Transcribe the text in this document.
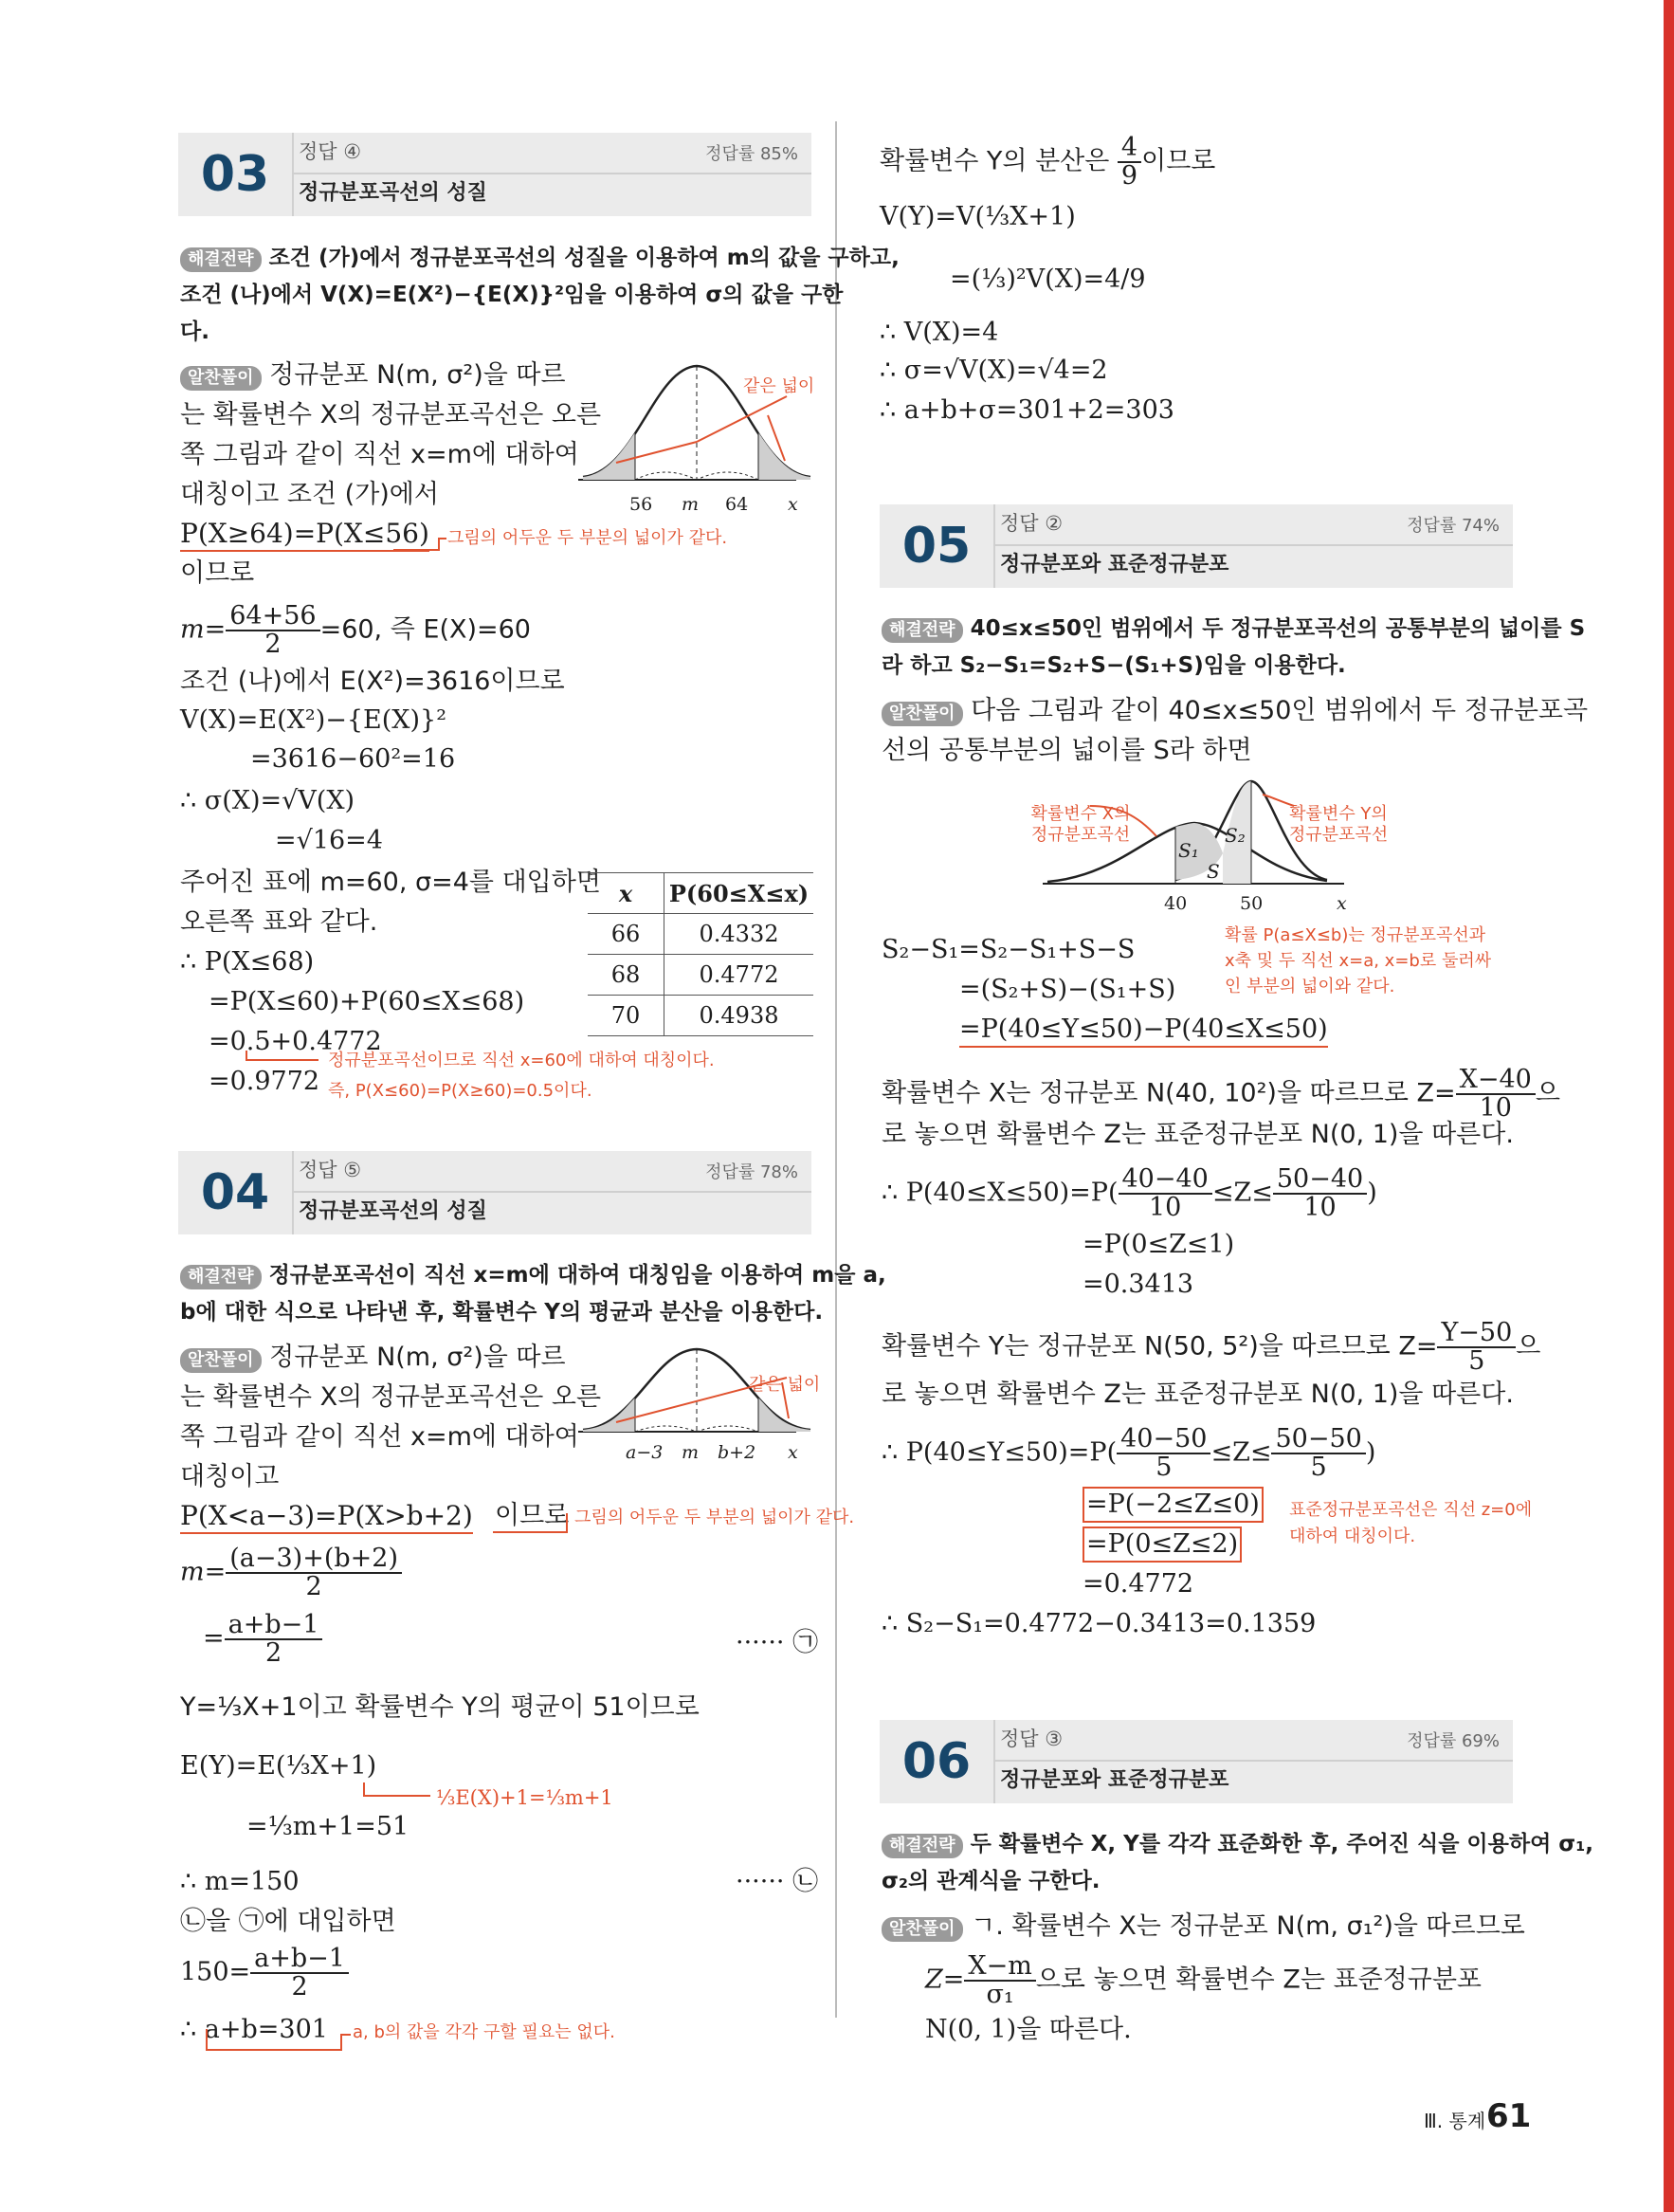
03	정답 ④	정답률 85%
정규분포곡선의 성질
해결전략 조건 (가)에서 정규분포곡선의 성질을 이용하여 m의 값을 구하고,
조건 (나)에서 V(X)=E(X²)−{E(X)}²임을 이용하여 σ의 값을 구한
다.
알찬풀이 정규분포 N(m, σ²)을 따르
는 확률변수 X의 정규분포곡선은 오른
쪽 그림과 같이 직선 x=m에 대하여
대칭이고 조건 (가)에서
같은 넓이
56 m 64 x
P(X≥64)=P(X≤56) 그림의 어두운 두 부분의 넓이가 같다.
이므로
$m= \frac{64+56}{2} =60$, 즉 E(X)=60
조건 (나)에서 E(X²)=3616이므로
V(X)=E(X²)−{E(X)}²
=3616−60²=16
∴ σ(X)=√V(X)
=√16=4
주어진 표에 m=60, σ=4를 대입하면
오른쪽 표와 같다.
x	P(60≤X≤x)
66	0.4332
68	0.4772
70	0.4938
∴ P(X≤68)
=P(X≤60)+P(60≤X≤68)
=0.5+0.4772
=0.9772
정규분포곡선이므로 직선 x=60에 대하여 대칭이다.
즉, P(X≤60)=P(X≥60)=0.5이다.
04	정답 ⑤	정답률 78%
정규분포곡선의 성질
해결전략 정규분포곡선이 직선 x=m에 대하여 대칭임을 이용하여 m을 a,
b에 대한 식으로 나타낸 후, 확률변수 Y의 평균과 분산을 이용한다.
알찬풀이 정규분포 N(m, σ²)을 따르
는 확률변수 X의 정규분포곡선은 오른
쪽 그림과 같이 직선 x=m에 대하여
대칭이고
같은 넓이
a−3 m b+2 x
P(X<a−3)=P(X>b+2) 이므로 그림의 어두운 두 부분의 넓이가 같다.
$m= \frac{(a-3)+(b+2)}{2}$
= $\frac{a+b-1}{2}$	······ ㉠
Y=⅓X+1이고 확률변수 Y의 평균이 51이므로
E(Y)=E(⅓X+1)
⅓E(X)+1=⅓m+1
=⅓m+1=51
∴ m=150	······ ㉡
㉡을 ㉠에 대입하면
$150= \frac{a+b-1}{2}$
∴ a+b=301 a, b의 값을 각각 구할 필요는 없다.
확률변수 Y의 분산은 $\frac{4}{9}$ 이므로
V(Y)=V(⅓X+1)
=(⅓)²V(X)=4/9
∴ V(X)=4
∴ σ=√V(X)=√4=2
∴ a+b+σ=301+2=303
05	정답 ②	정답률 74%
정규분포와 표준정규분포
해결전략 40≤x≤50인 범위에서 두 정규분포곡선의 공통부분의 넓이를 S
라 하고 S₂−S₁=S₂+S−(S₁+S)임을 이용한다.
알찬풀이 다음 그림과 같이 40≤x≤50인 범위에서 두 정규분포곡
선의 공통부분의 넓이를 S라 하면
확률변수 X의 정규분포곡선
확률변수 Y의 정규분포곡선
S₁
S₂
S
40	50	x
S₂−S₁=S₂−S₁+S−S
=(S₂+S)−(S₁+S)
=P(40≤Y≤50)−P(40≤X≤50)
확률 P(a≤X≤b)는 정규분포곡선과
x축 및 두 직선 x=a, x=b로 둘러싸
인 부분의 넓이와 같다.
확률변수 X는 정규분포 N(40, 10²)을 따르므로 $Z= \frac{X-40}{10}$ 으
로 놓으면 확률변수 Z는 표준정규분포 N(0, 1)을 따른다.
∴ $P(40\le X\le 50)=P( \frac{40-40}{10} \le Z\le \frac{50-40}{10}$ )
=P(0≤Z≤1)
=0.3413
확률변수 Y는 정규분포 N(50, 5²)을 따르므로 $Z= \frac{Y-50}{5}$ 으
로 놓으면 확률변수 Z는 표준정규분포 N(0, 1)을 따른다.
∴ $P(40\le Y\le 50)=P( \frac{40-50}{5} \le Z\le \frac{50-50}{5}$ )
=P(−2≤Z≤0)
=P(0≤Z≤2)
=0.4772
표준정규분포곡선은 직선 z=0에
대하여 대칭이다.
∴ S₂−S₁=0.4772−0.3413=0.1359
06	정답 ③	정답률 69%
정규분포와 표준정규분포
해결전략 두 확률변수 X, Y를 각각 표준화한 후, 주어진 식을 이용하여 σ₁,
σ₂의 관계식을 구한다.
알찬풀이 ㄱ. 확률변수 X는 정규분포 N(m, σ₁²)을 따르므로
$Z= \frac{X-m}{\text{σ₁}}$ 으로 놓으면 확률변수 Z는 표준정규분포
N(0, 1)을 따른다.
Ⅲ. 통계 61
